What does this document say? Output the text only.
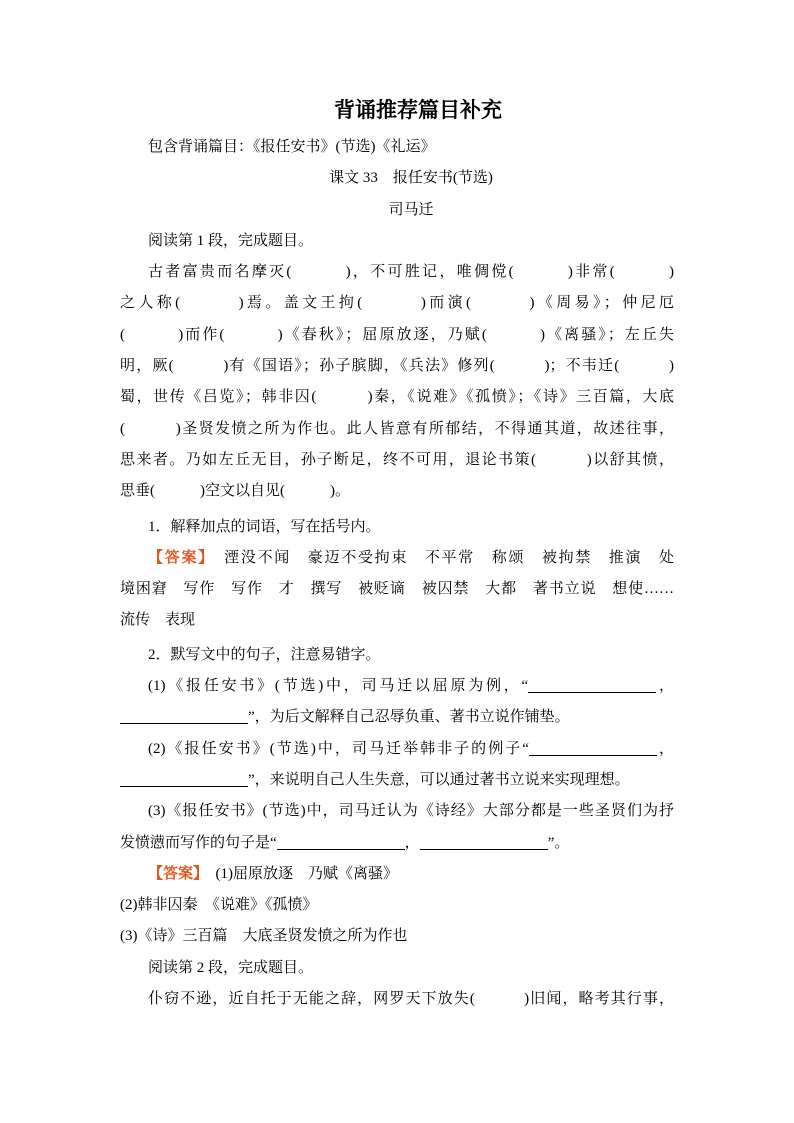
背诵推荐篇目补充
包含背诵篇目：《报任安书》(节选)《礼运》
课文 33　报任安书(节选)
司马迁
阅读第 1 段，完成题目。
古者富贵而名摩灭(　　　)，不可胜记，唯倜傥(　　　)非常(　　　)
之人称(　　　)焉。盖文王拘(　　　)而演(　　　)《周易》；仲尼厄
(　　　)而作(　　　)《春秋》；屈原放逐，乃赋(　　　)《离骚》；左丘失
明，厥(　　　)有《国语》；孙子膑脚，《兵法》修列(　　　)；不韦迁(　　　)
蜀，世传《吕览》；韩非囚(　　　)秦，《说难》《孤愤》；《诗》三百篇，大底
(　　　)圣贤发愤之所为作也。此人皆意有所郁结，不得通其道，故述往事，
思来者。乃如左丘无目，孙子断足，终不可用，退论书策(　　　)以舒其愤，
思垂(　　　)空文以自见(　　　)。
1．解释加点的词语，写在括号内。
【答案】　湮没不闻　豪迈不受拘束　不平常　称颂　被拘禁　推演　处
境困窘　写作　写作　才　撰写　被贬谪　被囚禁　大都　著书立说　想使……
流传　表现
2．默写文中的句子，注意易错字。
(1)《报任安书》(节选)中，司马迁以屈原为例，“	，
”，为后文解释自己忍辱负重、著书立说作铺垫。
(2)《报任安书》(节选)中，司马迁举韩非子的例子“	，
”，来说明自己人生失意，可以通过著书立说来实现理想。
(3)《报任安书》(节选)中，司马迁认为《诗经》大部分都是一些圣贤们为抒
发愤懑而写作的句子是“	，	”。
【答案】　(1)屈原放逐　乃赋《离骚》
(2)韩非囚秦　《说难》《孤愤》
(3)《诗》三百篇　大底圣贤发愤之所为作也
阅读第 2 段，完成题目。
仆窃不逊，近自托于无能之辞，网罗天下放失(　　　)旧闻，略考其行事，
